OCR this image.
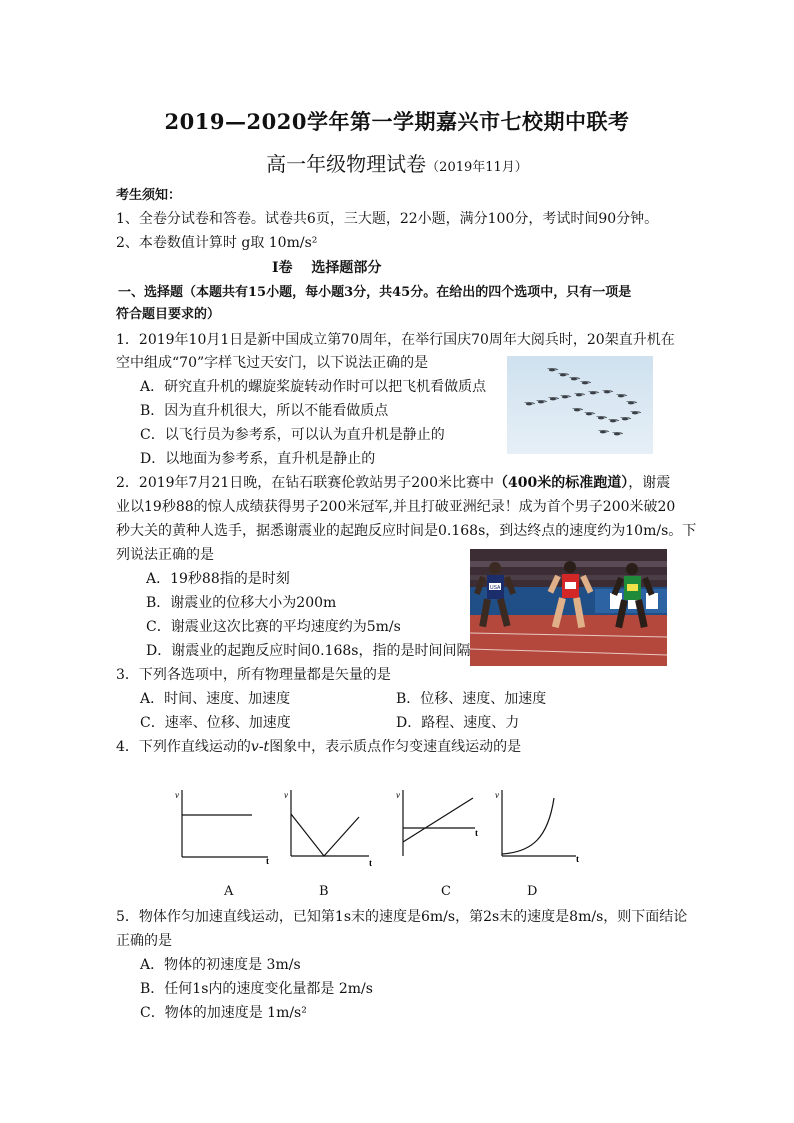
2019—2020学年第一学期嘉兴市七校期中联考
高一年级物理试卷（2019年11月）
考生须知：
1、全卷分试卷和答卷。试卷共6页，三大题，22小题，满分100分，考试时间90分钟。
2、本卷数值计算时 g取 10m/s²
I卷　 选择题部分
一、选择题（本题共有15小题，每小题3分，共45分。在给出的四个选项中，只有一项是
符合题目要求的）
1．2019年10月1日是新中国成立第70周年，在举行国庆70周年大阅兵时，20架直升机在
空中组成“70”字样飞过天安门，以下说法正确的是
A．研究直升机的螺旋桨旋转动作时可以把飞机看做质点
B．因为直升机很大，所以不能看做质点
C．以飞行员为参考系，可以认为直升机是静止的
D．以地面为参考系，直升机是静止的
2．2019年7月21日晚，在钻石联赛伦敦站男子200米比赛中（400米的标准跑道），谢震
业以19秒88的惊人成绩获得男子200米冠军,并且打破亚洲纪录！成为首个男子200米破20
秒大关的黄种人选手，据悉谢震业的起跑反应时间是0.168s，到达终点的速度约为10m/s。下
列说法正确的是
A．19秒88指的是时刻
B．谢震业的位移大小为200m
C．谢震业这次比赛的平均速度约为5m/s
D．谢震业的起跑反应时间0.168s，指的是时间间隔
USA
3．下列各选项中，所有物理量都是矢量的是
A．时间、速度、加速度	B．位移、速度、加速度
C．速率、位移、加速度	D．路程、速度、力
4．下列作直线运动的v-t图象中，表示质点作匀变速直线运动的是
v
t
v
t
v
t
v
t
A	B	C	D
5．物体作匀加速直线运动，已知第1s末的速度是6m/s，第2s末的速度是8m/s，则下面结论
正确的是
A．物体的初速度是 3m/s
B．任何1s内的速度变化量都是 2m/s
C．物体的加速度是 1m/s²
